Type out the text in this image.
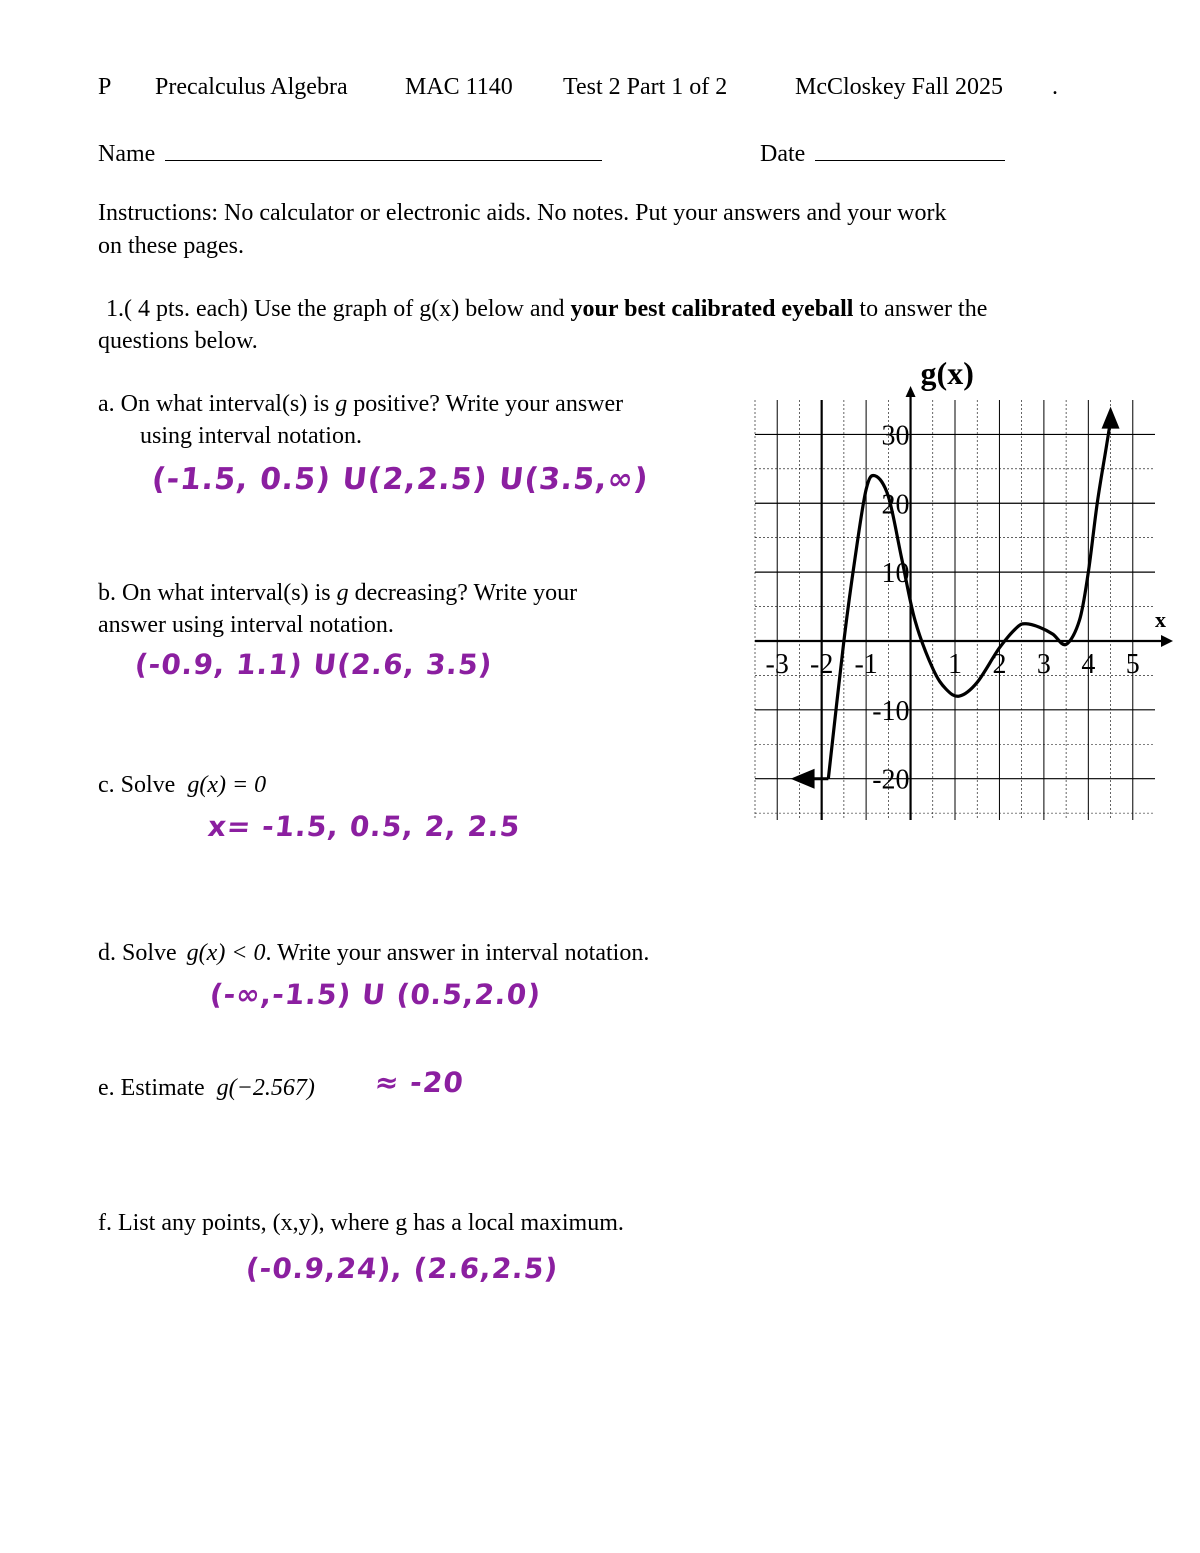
P Precalculus Algebra MAC 1140 Test 2 Part 1 of 2	McCloskey Fall 2025 .
Name	Date
Instructions: No calculator or electronic aids. No notes. Put your answers and your work
on these pages.
1.( 4 pts. each) Use the graph of g(x) below and your best calibrated eyeball to answer the
questions below.
a. On what interval(s) is g positive? Write your answer
using interval notation.
(-1.5, 0.5) U(2,2.5) U(3.5,∞)
b. On what interval(s) is g decreasing? Write your
answer using interval notation.
(-0.9, 1.1) U(2.6, 3.5)
c. Solve g(x) = 0
x= -1.5, 0.5, 2, 2.5
d. Solve g(x) < 0. Write your answer in interval notation.
(-∞,-1.5) U (0.5,2.0)
e. Estimate g(−2.567) ≈ -20
f. List any points, (x,y), where g has a local maximum.
(-0.9,24), (2.6,2.5)
g(x)
x
-3 -2 -1	1 2 3 4 5
30
20
10
-10
-20
